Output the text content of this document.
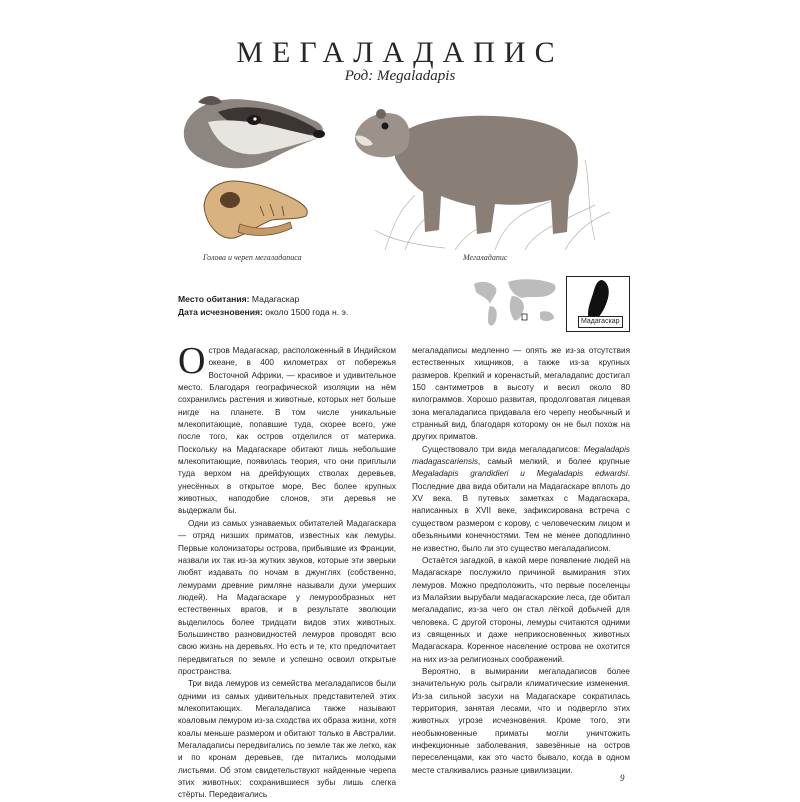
МЕГАЛАДАПИС
Род: Megaladapis
Голова и череп мегаладаписа	Мегаладапис
Место обитания: Мадагаскар
Дата исчезновения: около 1500 года н. э.
Мадагаскар

Остров Мадагаскар, расположенный в Индийском океане, в 400 километрах от побережья Восточной Африки, — красивое и удивительное место. Благодаря географической изоляции на нём сохранились растения и животные, которых нет больше нигде на планете. В том числе уникальные млекопитающие, попавшие туда, скорее всего, уже после того, как остров отделился от материка. Поскольку на Мадагаскаре обитают лишь небольшие млекопитающие, появилась теория, что они приплыли туда верхом на дрейфующих стволах деревьев, унесённых в открытое море. Вес более крупных животных, наподобие слонов, эти деревья не выдержали бы.

Одни из самых узнаваемых обитателей Мадагаскара — отряд низших приматов, известных как лемуры. Первые колонизаторы острова, прибывшие из Франции, назвали их так из-за жутких звуков, которые эти зверьки любят издавать по ночам в джунглях (собственно, лемурами древние римляне называли духи умерших людей). На Мадагаскаре у лемурообразных нет естественных врагов, и в результате эволюции выделилось более тридцати видов этих животных. Большинство разновидностей лемуров проводят всю свою жизнь на деревьях. Но есть и те, кто предпочитает передвигаться по земле и успешно освоил открытые пространства.

Три вида лемуров из семейства мегаладаписов были одними из самых удивительных представителей этих млекопитающих. Мегаладаписа также называют коаловым лемуром из-за сходства их образа жизни, хотя коалы меньше размером и обитают только в Австралии. Мегаладаписы передвигались по земле так же легко, как и по кронам деревьев, где питались молодыми листьями. Об этом свидетельствуют найденные черепа этих животных: сохранившиеся зубы лишь слегка стёрты. Передвигались

мегаладаписы медленно — опять же из-за отсутствия естественных хищников, а также из-за крупных размеров. Крепкий и коренастый, мегаладапис достигал 150 сантиметров в высоту и весил около 80 килограммов. Хорошо развитая, продолговатая лицевая зона мегаладаписа придавала его черепу необычный и странный вид, благодаря которому он не был похож на других приматов.

Существовало три вида мегаладаписов: Megaladapis madagascariensis, самый мелкий, и более крупные Megaladapis grandidieri и Megaladapis edwardsi. Последние два вида обитали на Мадагаскаре вплоть до XV века. В путевых заметках с Мадагаскара, написанных в XVII веке, зафиксирована встреча с существом размером с корову, с человеческим лицом и обезьяньими конечностями. Тем не менее доподлинно не известно, было ли это существо мегаладаписом.

Остаётся загадкой, в какой мере появление людей на Мадагаскаре послужило причиной вымирания этих лемуров. Можно предположить, что первые поселенцы из Малайзии вырубали мадагаскарские леса, где обитал мегаладапис, из-за чего он стал лёгкой добычей для человека. С другой стороны, лемуры считаются одними из священных и даже неприкосновенных животных Мадагаскара. Коренное население острова не охотится на них из-за религиозных соображений.

Вероятно, в вымирании мегаладаписов более значительную роль сыграли климатические изменения. Из-за сильной засухи на Мадагаскаре сократилась территория, занятая лесами, что и подвергло этих животных угрозе исчезновения. Кроме того, эти необыкновенные приматы могли уничтожить инфекционные заболевания, завезённые на остров переселенцами, как это часто бывало, когда в одном месте сталкивались разные цивилизации.

9
